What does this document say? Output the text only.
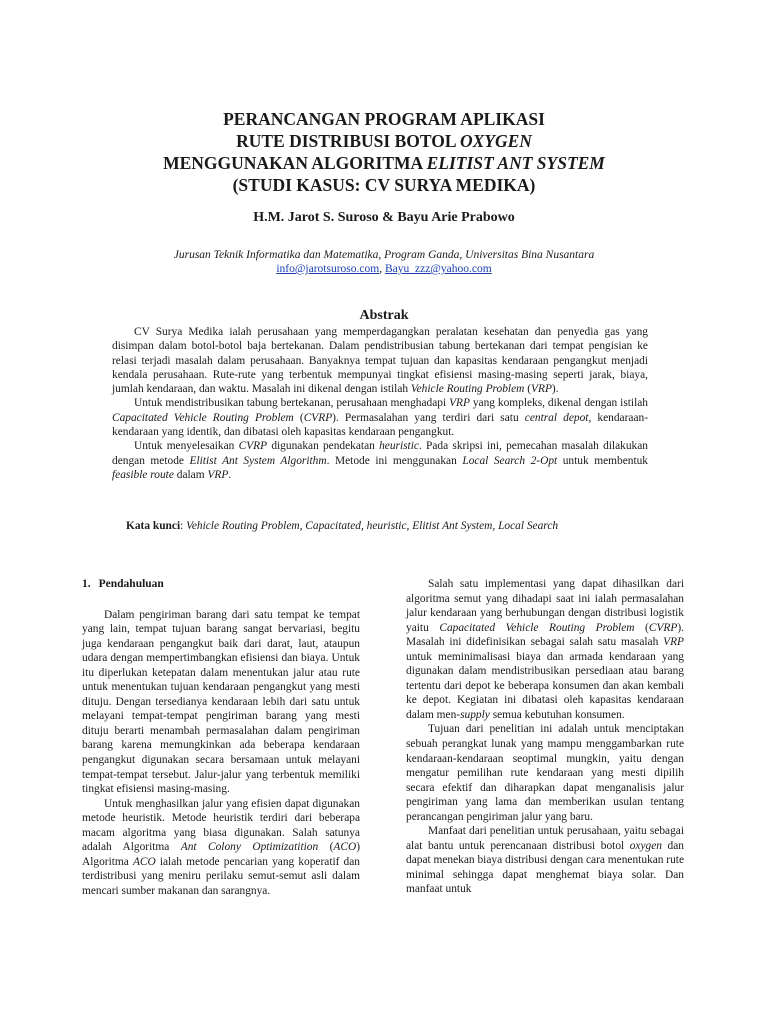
PERANCANGAN PROGRAM APLIKASI
RUTE DISTRIBUSI BOTOL OXYGEN
MENGGUNAKAN ALGORITMA ELITIST ANT SYSTEM
(STUDI KASUS: CV SURYA MEDIKA)
H.M. Jarot S. Suroso & Bayu Arie Prabowo
Jurusan Teknik Informatika dan Matematika, Program Ganda, Universitas Bina Nusantara
info@jarotsuroso.com, Bayu_zzz@yahoo.com
Abstrak

CV Surya Medika ialah perusahaan yang memperdagangkan peralatan kesehatan dan penyedia gas yang disimpan dalam botol-botol baja bertekanan. Dalam pendistribusian tabung bertekanan dari tempat pengisian ke relasi terjadi masalah dalam perusahaan. Banyaknya tempat tujuan dan kapasitas kendaraan pengangkut menjadi kendala perusahaan. Rute-rute yang terbentuk mempunyai tingkat efisiensi masing-masing seperti jarak, biaya, jumlah kendaraan, dan waktu. Masalah ini dikenal dengan istilah Vehicle Routing Problem (VRP).

Untuk mendistribusikan tabung bertekanan, perusahaan menghadapi VRP yang kompleks, dikenal dengan istilah Capacitated Vehicle Routing Problem (CVRP). Permasalahan yang terdiri dari satu central depot, kendaraan-kendaraan yang identik, dan dibatasi oleh kapasitas kendaraan pengangkut.

Untuk menyelesaikan CVRP digunakan pendekatan heuristic. Pada skripsi ini, pemecahan masalah dilakukan dengan metode Elitist Ant System Algorithm. Metode ini menggunakan Local Search 2-Opt untuk membentuk feasible route dalam VRP.

Kata kunci: Vehicle Routing Problem, Capacitated, heuristic, Elitist Ant System, Local Search
1. Pendahuluan

Dalam pengiriman barang dari satu tempat ke tempat yang lain, tempat tujuan barang sangat bervariasi, begitu juga kendaraan pengangkut baik dari darat, laut, ataupun udara dengan mempertimbangkan efisiensi dan biaya. Untuk itu diperlukan ketepatan dalam menentukan jalur atau rute untuk menentukan tujuan kendaraan pengangkut yang mesti dituju. Dengan tersedianya kendaraan lebih dari satu untuk melayani tempat-tempat pengiriman barang yang mesti dituju berarti menambah permasalahan dalam pengiriman barang karena memungkinkan ada beberapa kendaraan pengangkut digunakan secara bersamaan untuk melayani tempat-tempat tersebut. Jalur-jalur yang terbentuk memiliki tingkat efisiensi masing-masing.

Untuk menghasilkan jalur yang efisien dapat digunakan metode heuristik. Metode heuristik terdiri dari beberapa macam algoritma yang biasa digunakan. Salah satunya adalah Algoritma Ant Colony Optimizatition (ACO) Algoritma ACO ialah metode pencarian yang koperatif dan terdistribusi yang meniru perilaku semut-semut asli dalam mencari sumber makanan dan sarangnya.

Salah satu implementasi yang dapat dihasilkan dari algoritma semut yang dihadapi saat ini ialah permasalahan jalur kendaraan yang berhubungan dengan distribusi logistik yaitu Capacitated Vehicle Routing Problem (CVRP). Masalah ini didefinisikan sebagai salah satu masalah VRP untuk meminimalisasi biaya dan armada kendaraan yang digunakan dalam mendistribusikan persediaan atau barang tertentu dari depot ke beberapa konsumen dan akan kembali ke depot. Kegiatan ini dibatasi oleh kapasitas kendaraan dalam men-supply semua kebutuhan konsumen.

Tujuan dari penelitian ini adalah untuk menciptakan sebuah perangkat lunak yang mampu menggambarkan rute kendaraan-kendaraan seoptimal mungkin, yaitu dengan mengatur pemilihan rute kendaraan yang mesti dipilih secara efektif dan diharapkan dapat menganalisis jalur pengiriman yang lama dan memberikan usulan tentang perancangan pengiriman jalur yang baru.

Manfaat dari penelitian untuk perusahaan, yaitu sebagai alat bantu untuk perencanaan distribusi botol oxygen dan dapat menekan biaya distribusi dengan cara menentukan rute minimal sehingga dapat menghemat biaya solar. Dan manfaat untuk
